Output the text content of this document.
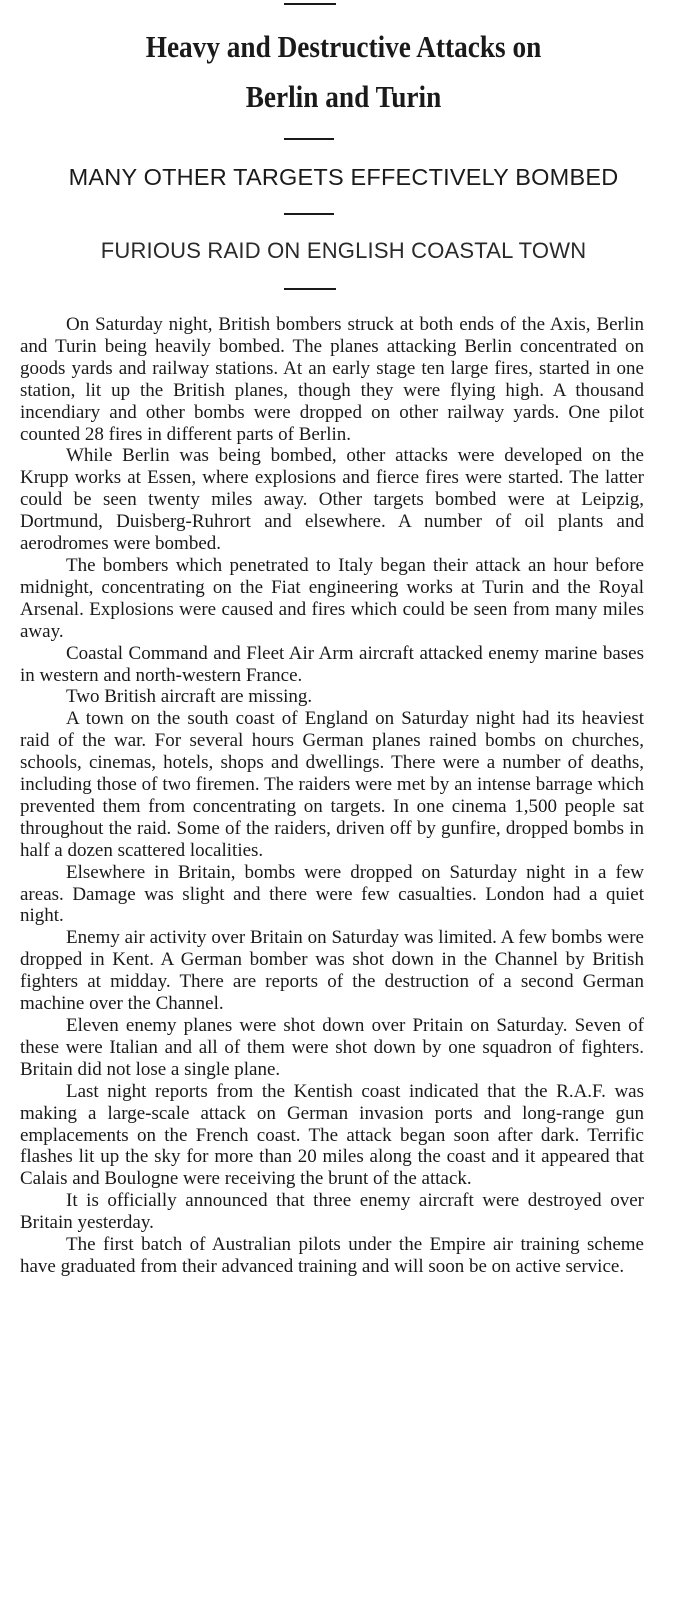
Heavy and Destructive Attacks on
Berlin and Turin
MANY OTHER TARGETS EFFECTIVELY BOMBED
FURIOUS RAID ON ENGLISH COASTAL TOWN

On Saturday night, British bombers struck at both ends of the Axis, Berlin and Turin being heavily bombed. The planes attacking Berlin concentrated on goods yards and railway stations. At an early stage ten large fires, started in one station, lit up the British planes, though they were flying high. A thousand incendiary and other bombs were dropped on other railway yards. One pilot counted 28 fires in different parts of Berlin.

While Berlin was being bombed, other attacks were developed on the Krupp works at Essen, where explosions and fierce fires were started. The latter could be seen twenty miles away. Other targets bombed were at Leipzig, Dortmund, Duisberg-Ruhrort and elsewhere. A number of oil plants and aerodromes were bombed.

The bombers which penetrated to Italy began their attack an hour before midnight, concentrating on the Fiat engineering works at Turin and the Royal Arsenal. Explosions were caused and fires which could be seen from many miles away.

Coastal Command and Fleet Air Arm aircraft attacked enemy marine bases in western and north-western France.

Two British aircraft are missing.

A town on the south coast of England on Saturday night had its heaviest raid of the war. For several hours German planes rained bombs on churches, schools, cinemas, hotels, shops and dwellings. There were a number of deaths, including those of two firemen. The raiders were met by an intense barrage which prevented them from concentrating on targets. In one cinema 1,500 people sat throughout the raid. Some of the raiders, driven off by gunfire, dropped bombs in half a dozen scattered localities.

Elsewhere in Britain, bombs were dropped on Saturday night in a few areas. Damage was slight and there were few casualties. London had a quiet night.

Enemy air activity over Britain on Saturday was limited. A few bombs were dropped in Kent. A German bomber was shot down in the Channel by British fighters at midday. There are reports of the destruction of a second German machine over the Channel.

Eleven enemy planes were shot down over Pritain on Saturday. Seven of these were Italian and all of them were shot down by one squadron of fighters. Britain did not lose a single plane.

Last night reports from the Kentish coast indicated that the R.A.F. was making a large-scale attack on German invasion ports and long-range gun emplacements on the French coast. The attack began soon after dark. Terrific flashes lit up the sky for more than 20 miles along the coast and it appeared that Calais and Boulogne were receiving the brunt of the attack.

It is officially announced that three enemy aircraft were destroyed over Britain yesterday.

The first batch of Australian pilots under the Empire air training scheme have graduated from their advanced training and will soon be on active service.
